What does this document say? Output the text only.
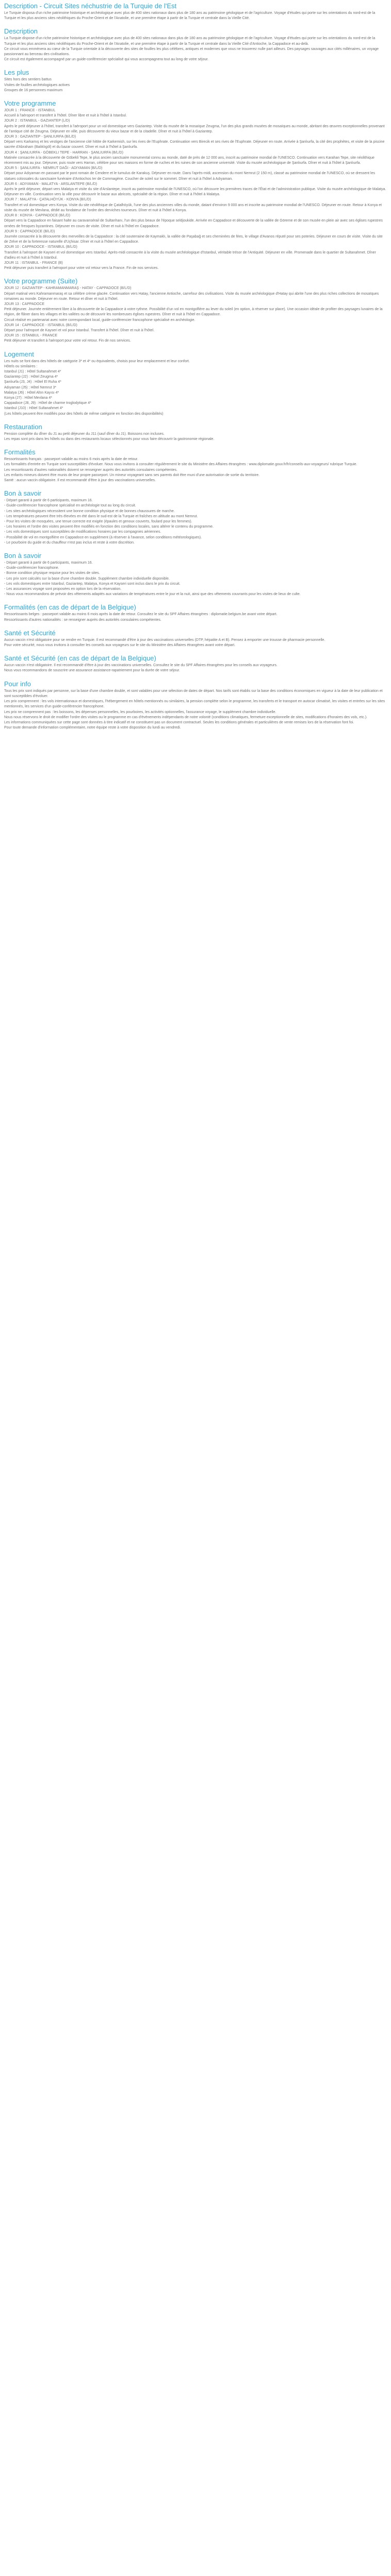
Description - Circuit Sites néchustrie de la Turquie de l'Est

Le Turquie disposa d'un riche patrimoine historique et archéologique avec plus de 400 sites nationaux dans plus de 180 ans au patrimoine géologique et de l'agriculture. Voyage d'études qui porte sur les orientations du nord-est de la Turquie et les plus anciens sites néolithiques du Proche-Orient et de l'Anatolie, et une première étape à partir de la Turquie et centrale dans la Vieille Cité.

Description

La Turquie dispose d'un riche patrimoine historique et archéologique avec plus de 400 sites nationaux dans plus de 180 ans au patrimoine géologique et de l'agriculture. Voyage d'études qui porte sur les orientations du nord-est de la Turquie et les plus anciens sites néolithiques du Proche-Orient et de l'Anatolie, et une première étape à partir de la Turquie et centrale dans la Vieille Cité d'Antioche, la Cappadoce et au-delà.

Ce circuit vous emmènera au cœur de la Turquie orientale à la découverte des sites de fouilles les plus célèbres, antiques et modernes que vous ne trouverez nulle part ailleurs. Des paysages sauvages aux cités millénaires, un voyage passionnant au berceau des civilisations.

Ce circuit est également accompagné par un guide-conférencier spécialisé qui vous accompagnera tout au long de votre séjour.

Les plus

Sites hors des sentiers battus

Visites de fouilles archéologiques actives

Groupes de 16 personnes maximum

Votre programme

JOUR 1 : FRANCE - ISTANBUL

Accueil à l'aéroport et transfert à l'hôtel. Dîner libre et nuit à l'hôtel à Istanbul.

JOUR 2 : ISTANBUL - GAZIANTEP (L/D)

Après le petit déjeuner à l'hôtel, transfert à l'aéroport pour un vol domestique vers Gaziantep. Visite du musée de la mosaïque Zeugma, l'un des plus grands musées de mosaïques au monde, abritant des œuvres exceptionnelles provenant de l'antique cité de Zeugma. Déjeuner en ville, puis découverte du vieux bazar et de la citadelle. Dîner et nuit à l'hôtel à Gaziantep.

JOUR 3 : GAZIANTEP - ŞANLIURFA (B/L/D)

Départ vers Karkamış et les vestiges de l'ancienne cité hittite de Karkemish, sur les rives de l'Euphrate. Continuation vers Birecik et ses rives de l'Euphrate. Déjeuner en route. Arrivée à Şanlıurfa, la cité des prophètes, et visite de la piscine sacrée d'Abraham (Balıklıgöl) et du bazar couvert. Dîner et nuit à l'hôtel à Şanlıurfa.

JOUR 4 : ŞANLIURFA - GÖBEKLI TEPE - HARRAN - ŞANLIURFA (B/L/D)

Matinée consacrée à la découverte de Göbekli Tepe, le plus ancien sanctuaire monumental connu au monde, daté de près de 12 000 ans, inscrit au patrimoine mondial de l'UNESCO. Continuation vers Karahan Tepe, site néolithique récemment mis au jour. Déjeuner, puis route vers Harran, célèbre pour ses maisons en forme de ruches et les ruines de son ancienne université. Visite du musée archéologique de Şanlıurfa. Dîner et nuit à l'hôtel à Şanlıurfa.

JOUR 5 : ŞANLIURFA - NEMRUT DAĞI - ADIYAMAN (B/L/D)

Départ pour Adıyaman en passant par le pont romain de Cendere et le tumulus de Karakuş. Déjeuner en route. Dans l'après-midi, ascension du mont Nemrut (2 150 m), classé au patrimoine mondial de l'UNESCO, où se dressent les statues colossales du sanctuaire funéraire d'Antiochos Ier de Commagène. Coucher de soleil sur le sommet. Dîner et nuit à l'hôtel à Adıyaman.

JOUR 6 : ADIYAMAN - MALATYA - ARSLANTEPE (B/L/D)

Après le petit déjeuner, départ vers Malatya et visite du site d'Arslantepe, inscrit au patrimoine mondial de l'UNESCO, où l'on découvre les premières traces de l'État et de l'administration publique. Visite du musée archéologique de Malatya. Déjeuner en ville. Continuation vers la ville pour découvrir le bazar aux abricots, spécialité de la région. Dîner et nuit à l'hôtel à Malatya.

JOUR 7 : MALATYA - ÇATALHÖYÜK - KONYA (B/L/D)

Transfert et vol domestique vers Konya. Visite du site néolithique de Çatalhöyük, l'une des plus anciennes villes du monde, datant d'environ 9 000 ans et inscrite au patrimoine mondial de l'UNESCO. Déjeuner en route. Retour à Konya et visite du musée de Mevlana, dédié au fondateur de l'ordre des derviches tourneurs. Dîner et nuit à l'hôtel à Konya.

JOUR 8 : KONYA - CAPPADOCE (B/L/D)

Départ vers la Cappadoce en faisant halte au caravansérail de Sultanhanı, l'un des plus beaux de l'époque seldjoukide. Arrivée en Cappadoce et découverte de la vallée de Göreme et de son musée en plein air avec ses églises rupestres ornées de fresques byzantines. Déjeuner en cours de visite. Dîner et nuit à l'hôtel en Cappadoce.

JOUR 9 : CAPPADOCE (B/L/D)

Journée consacrée à la découverte des merveilles de la Cappadoce : la cité souterraine de Kaymaklı, la vallée de Paşabağ et ses cheminées de fées, le village d'Avanos réputé pour ses poteries. Déjeuner en cours de visite. Visite du site de Zelve et de la forteresse naturelle d'Uçhisar. Dîner et nuit à l'hôtel en Cappadoce.

JOUR 10 : CAPPADOCE - ISTANBUL (B/L/D)

Transfert à l'aéroport de Kayseri et vol domestique vers Istanbul. Après-midi consacrée à la visite du musée archéologique d'Istanbul, véritable trésor de l'Antiquité. Déjeuner en ville. Promenade dans le quartier de Sultanahmet. Dîner d'adieu et nuit à l'hôtel à Istanbul.

JOUR 11 : ISTANBUL - FRANCE (B)

Petit déjeuner puis transfert à l'aéroport pour votre vol retour vers la France. Fin de nos services.

Votre programme (Suite)

JOUR 12 : GAZIANTEP - KAHRAMANMARAŞ - HATAY - CAPPADOCE (B/L/D)

Départ matinal vers Kahramanmaraş et sa célèbre crème glacée. Continuation vers Hatay, l'ancienne Antioche, carrefour des civilisations. Visite du musée archéologique d'Hatay qui abrite l'une des plus riches collections de mosaïques romaines au monde. Déjeuner en route. Retour et dîner et nuit à l'hôtel.

JOUR 13 : CAPPADOCE

Petit déjeuner. Journée entièrement libre à la découverte de la Cappadoce à votre rythme. Possibilité d'un vol en montgolfière au lever du soleil (en option, à réserver sur place). Une occasion idéale de profiter des paysages lunaires de la région, de flâner dans les villages et les vallées ou de découvrir les nombreuses églises rupestres. Dîner et nuit à l'hôtel en Cappadoce.

Circuit réalisé en partenariat avec notre correspondant local, guide-conférencier francophone spécialisé en archéologie.

JOUR 14 : CAPPADOCE - ISTANBUL (B/L/D)

Départ pour l'aéroport de Kayseri et vol pour Istanbul. Transfert à l'hôtel. Dîner et nuit à l'hôtel.

JOUR 15 : ISTANBUL - FRANCE

Petit déjeuner et transfert à l'aéroport pour votre vol retour. Fin de nos services.

Logement

Les nuits se font dans des hôtels de catégorie 3* et 4* ou équivalents, choisis pour leur emplacement et leur confort.

Hôtels ou similaires :

Istanbul (J1) : Hôtel Sultanahmet 4*

Gaziantep (J2) : Hôtel Zeugma 4*

Şanlıurfa (J3, J4) : Hôtel El Ruha 4*

Adıyaman (J5) : Hôtel Nemrut 3*

Malatya (J6) : Hôtel Altın Kayısı 4*

Konya (J7) : Hôtel Mevlana 4*

Cappadoce (J8, J9) : Hôtel de charme troglodytique 4*

Istanbul (J10) : Hôtel Sultanahmet 4*

(Les hôtels peuvent être modifiés pour des hôtels de même catégorie en fonction des disponibilités)

Restauration

Pension complète du dîner du J1 au petit déjeuner du J11 (sauf dîner du J1). Boissons non incluses.

Les repas sont pris dans les hôtels ou dans des restaurants locaux sélectionnés pour vous faire découvrir la gastronomie régionale.

Formalités

Ressortissants français : passeport valable au moins 6 mois après la date de retour.

Les formalités d'entrée en Turquie sont susceptibles d'évoluer. Nous vous invitons à consulter régulièrement le site du Ministère des Affaires étrangères : www.diplomatie.gouv.fr/fr/conseils-aux-voyageurs/ rubrique Turquie.

Les ressortissants d'autres nationalités doivent se renseigner auprès des autorités consulaires compétentes.

Les enfants mineurs doivent être munis de leur propre passeport. Un mineur voyageant sans ses parents doit être muni d'une autorisation de sortie du territoire.

Santé : aucun vaccin obligatoire. Il est recommandé d'être à jour des vaccinations universelles.

Bon à savoir

- Départ garanti à partir de 6 participants, maximum 16.

- Guide-conférencier francophone spécialisé en archéologie tout au long du circuit.

- Les sites archéologiques nécessitent une bonne condition physique et de bonnes chaussures de marche.

- Les températures peuvent être très élevées en été dans le sud-est de la Turquie et fraîches en altitude au mont Nemrut.

- Pour les visites de mosquées, une tenue correcte est exigée (épaules et genoux couverts, foulard pour les femmes).

- Les horaires et l'ordre des visites peuvent être modifiés en fonction des conditions locales, sans altérer le contenu du programme.

- Les vols domestiques sont susceptibles de modifications horaires par les compagnies aériennes.

- Possibilité de vol en montgolfière en Cappadoce en supplément (à réserver à l'avance, selon conditions météorologiques).

- Le pourboire du guide et du chauffeur n'est pas inclus et reste à votre discrétion.

Bon à savoir

- Départ garanti à partir de 6 participants, maximum 16.

- Guide-conférencier francophone.

- Bonne condition physique requise pour les visites de sites.

- Les prix sont calculés sur la base d'une chambre double. Supplément chambre individuelle disponible.

- Les vols domestiques entre Istanbul, Gaziantep, Malatya, Konya et Kayseri sont inclus dans le prix du circuit.

- Les assurances voyage sont proposées en option lors de la réservation.

- Nous vous recommandons de prévoir des vêtements adaptés aux variations de températures entre le jour et la nuit, ainsi que des vêtements couvrants pour les visites de lieux de culte.

Formalités (en cas de départ de la Belgique)

Ressortissants belges : passeport valable au moins 6 mois après la date de retour. Consultez le site du SPF Affaires étrangères : diplomatie.belgium.be avant votre départ.

Ressortissants d'autres nationalités : se renseigner auprès des autorités consulaires compétentes.

Santé et Sécurité

Aucun vaccin n'est obligatoire pour se rendre en Turquie. Il est recommandé d'être à jour des vaccinations universelles (DTP, hépatite A et B). Pensez à emporter une trousse de pharmacie personnelle.

Pour votre sécurité, nous vous invitons à consulter les conseils aux voyageurs sur le site du Ministère des Affaires étrangères avant votre départ.

Santé et Sécurité (en cas de départ de la Belgique)

Aucun vaccin n'est obligatoire. Il est recommandé d'être à jour des vaccinations universelles. Consultez le site du SPF Affaires étrangères pour les conseils aux voyageurs.

Nous vous recommandons de souscrire une assurance assistance-rapatriement pour la durée de votre séjour.

Pour info

Tous les prix sont indiqués par personne, sur la base d'une chambre double, et sont valables pour une sélection de dates de départ. Nos tarifs sont établis sur la base des conditions économiques en vigueur à la date de leur publication et sont susceptibles d'évoluer.

Les prix comprennent : les vols internationaux et domestiques, l'hébergement en hôtels mentionnés ou similaires, la pension complète selon le programme, les transferts et le transport en autocar climatisé, les visites et entrées sur les sites mentionnés, les services d'un guide-conférencier francophone.

Les prix ne comprennent pas : les boissons, les dépenses personnelles, les pourboires, les activités optionnelles, l'assurance voyage, le supplément chambre individuelle.

Nous nous réservons le droit de modifier l'ordre des visites ou le programme en cas d'événements indépendants de notre volonté (conditions climatiques, fermeture exceptionnelle de sites, modifications d'horaires des vols, etc.).

Les informations communiquées sur cette page sont données à titre indicatif et ne constituent pas un document contractuel. Seules les conditions générales et particulières de vente remises lors de la réservation font foi.

Pour toute demande d'information complémentaire, notre équipe reste à votre disposition du lundi au vendredi.
